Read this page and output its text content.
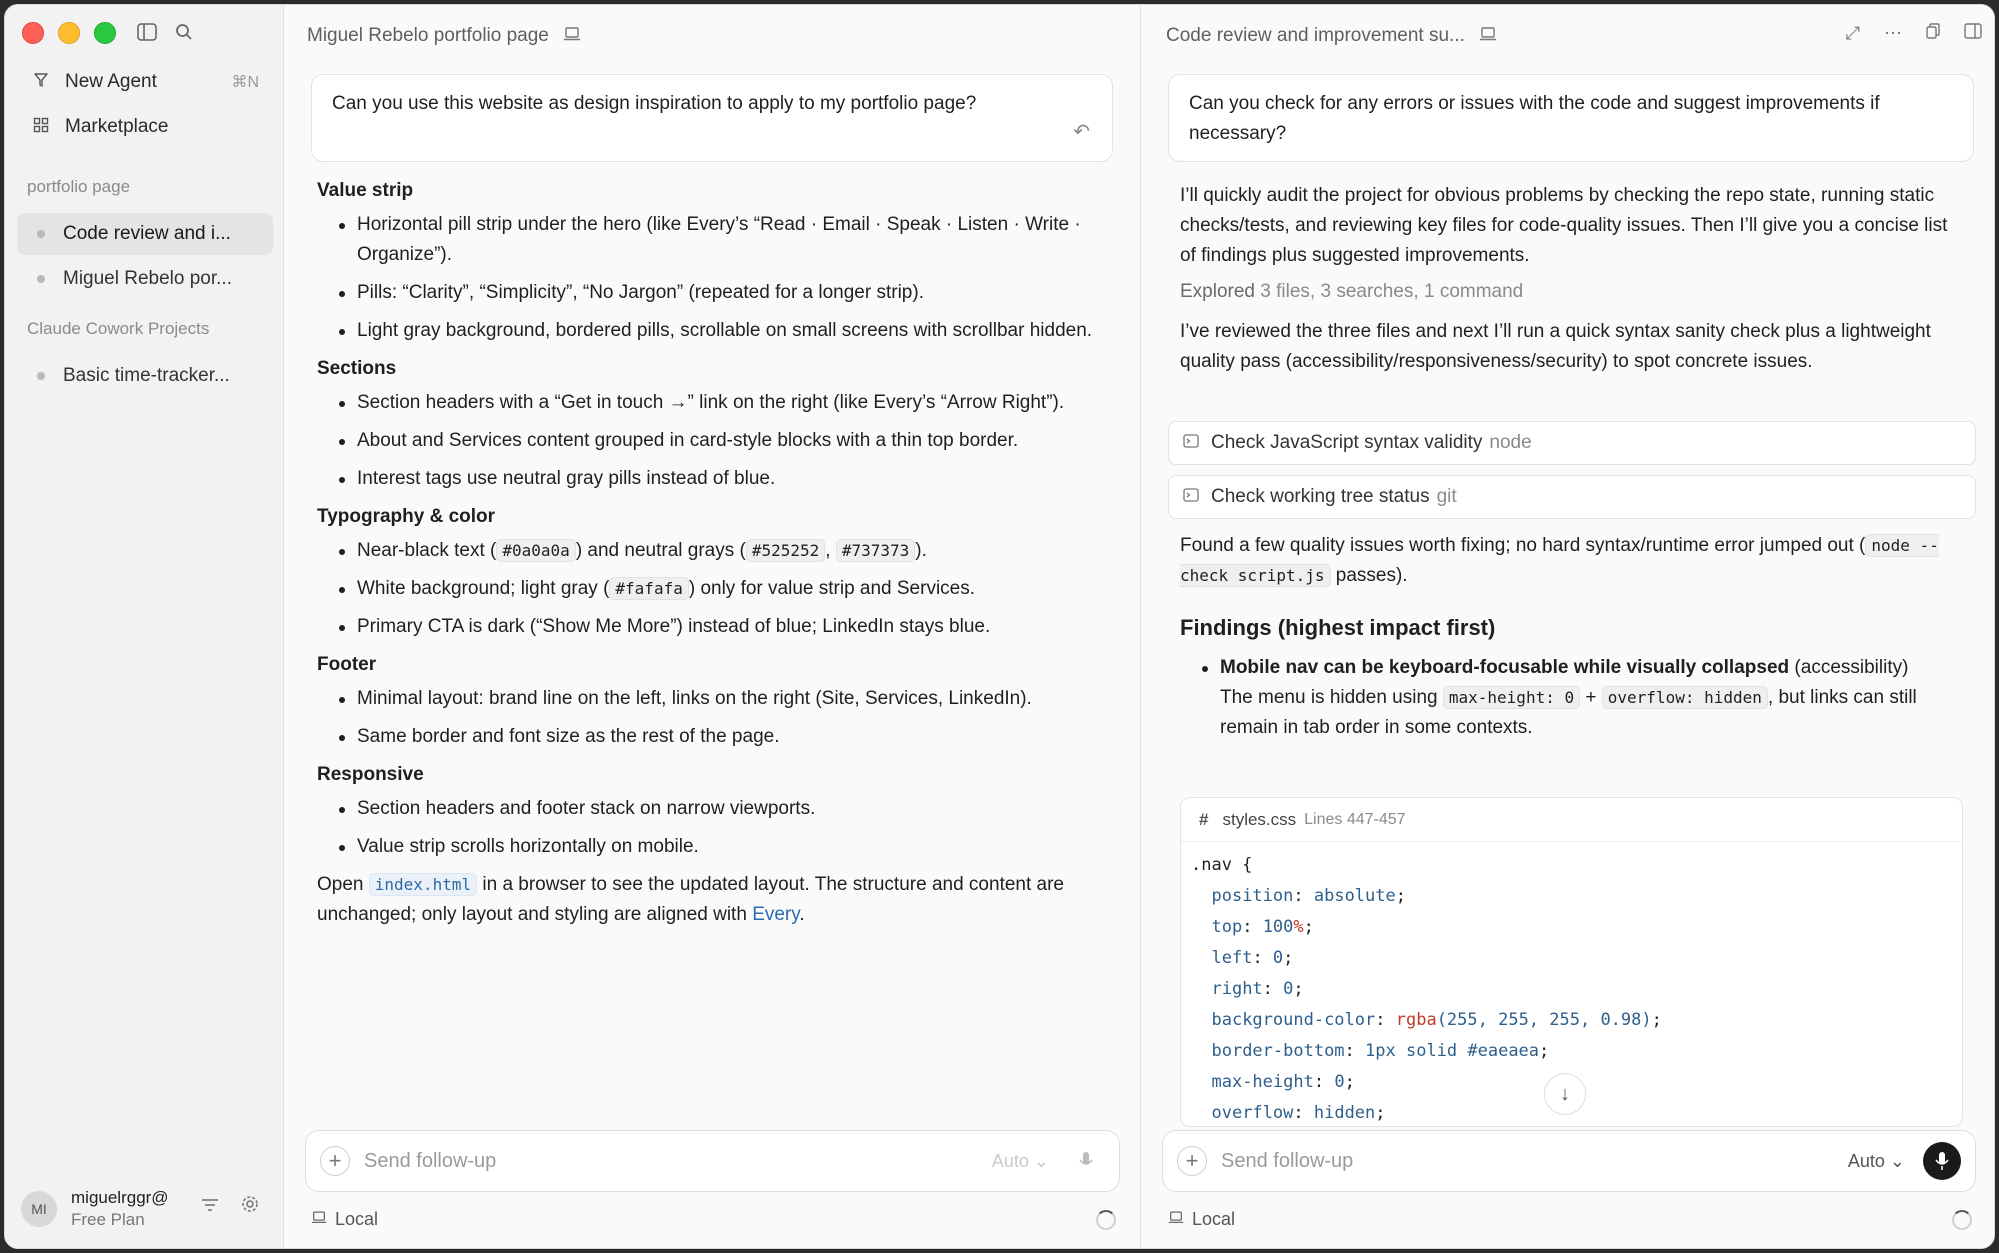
New Agent	⌘N
Marketplace
portfolio page
Code review and i...
Miguel Rebelo por...
Claude Cowork Projects
Basic time-tracker...
MI
miguelrggr@
Free Plan
Miguel Rebelo portfolio page
Can you use this website as design inspiration to apply to my portfolio page?
↶
Value strip
Horizontal pill strip under the hero (like Every’s “Read · Email · Speak · Listen · Write · Organize”).
Pills: “Clarity”, “Simplicity”, “No Jargon” (repeated for a longer strip).
Light gray background, bordered pills, scrollable on small screens with scrollbar hidden.
Sections
Section headers with a “Get in touch →” link on the right (like Every’s “Arrow Right”).
About and Services content grouped in card-style blocks with a thin top border.
Interest tags use neutral gray pills instead of blue.
Typography & color
Near-black text ( #0a0a0a ) and neutral grays ( #525252 , #737373 ).
White background; light gray ( #fafafa ) only for value strip and Services.
Primary CTA is dark (“Show Me More”) instead of blue; LinkedIn stays blue.
Footer
Minimal layout: brand line on the left, links on the right (Site, Services, LinkedIn).
Same border and font size as the rest of the page.
Responsive
Section headers and footer stack on narrow viewports.
Value strip scrolls horizontally on mobile.

Open index.html in a browser to see the updated layout. The structure and content are unchanged; only layout and styling are aligned with Every.

+	Send follow-up	Auto ⌄
Local
Code review and improvement su...	⤢ ⋯
Can you check for any errors or issues with the code and suggest improvements if necessary?

I’ll quickly audit the project for obvious problems by checking the repo state, running static checks/tests, and reviewing key files for code-quality issues. Then I’ll give you a concise list of findings plus suggested improvements.

Explored 3 files, 3 searches, 1 command

I’ve reviewed the three files and next I’ll run a quick syntax sanity check plus a lightweight quality pass (accessibility/responsiveness/security) to spot concrete issues.

Check JavaScript syntax validity node
Check working tree status git

Found a few quality issues worth fixing; no hard syntax/runtime error jumped out ( node --check script.js passes).

Findings (highest impact first)
Mobile nav can be keyboard-focusable while visually collapsed (accessibility)
The menu is hidden using max-height: 0 + overflow: hidden , but links can still remain in tab order in some contexts.
# styles.css Lines 447-457
.nav {
position: absolute;
top: 100%;
left: 0;
right: 0;
background-color: rgba(255, 255, 255, 0.98);
border-bottom: 1px solid #eaeaea;
max-height: 0;
overflow: hidden;
+	Send follow-up	Auto ⌄
Local
↓
